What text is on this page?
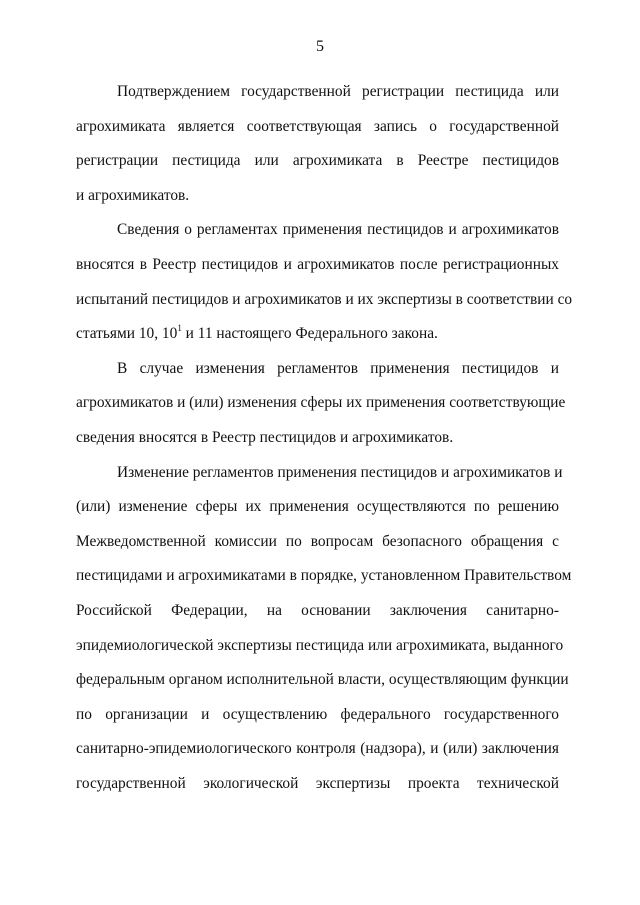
5

Подтверждением государственной регистрации пестицида или
агрохимиката является соответствующая запись о государственной
регистрации пестицида или агрохимиката в Реестре пестицидов
и агрохимикатов.

Сведения о регламентах применения пестицидов и агрохимикатов
вносятся в Реестр пестицидов и агрохимикатов после регистрационных
испытаний пестицидов и агрохимикатов и их экспертизы в соответствии со
статьями 10, $10^1$ и 11 настоящего Федерального закона.

В случае изменения регламентов применения пестицидов и
агрохимикатов и (или) изменения сферы их применения соответствующие
сведения вносятся в Реестр пестицидов и агрохимикатов.

Изменение регламентов применения пестицидов и агрохимикатов и
(или) изменение сферы их применения осуществляются по решению
Межведомственной комиссии по вопросам безопасного обращения с
пестицидами и агрохимикатами в порядке, установленном Правительством
Российской Федерации, на основании заключения санитарно-
эпидемиологической экспертизы пестицида или агрохимиката, выданного
федеральным органом исполнительной власти, осуществляющим функции
по организации и осуществлению федерального государственного
санитарно-эпидемиологического контроля (надзора), и (или) заключения
государственной экологической экспертизы проекта технической
